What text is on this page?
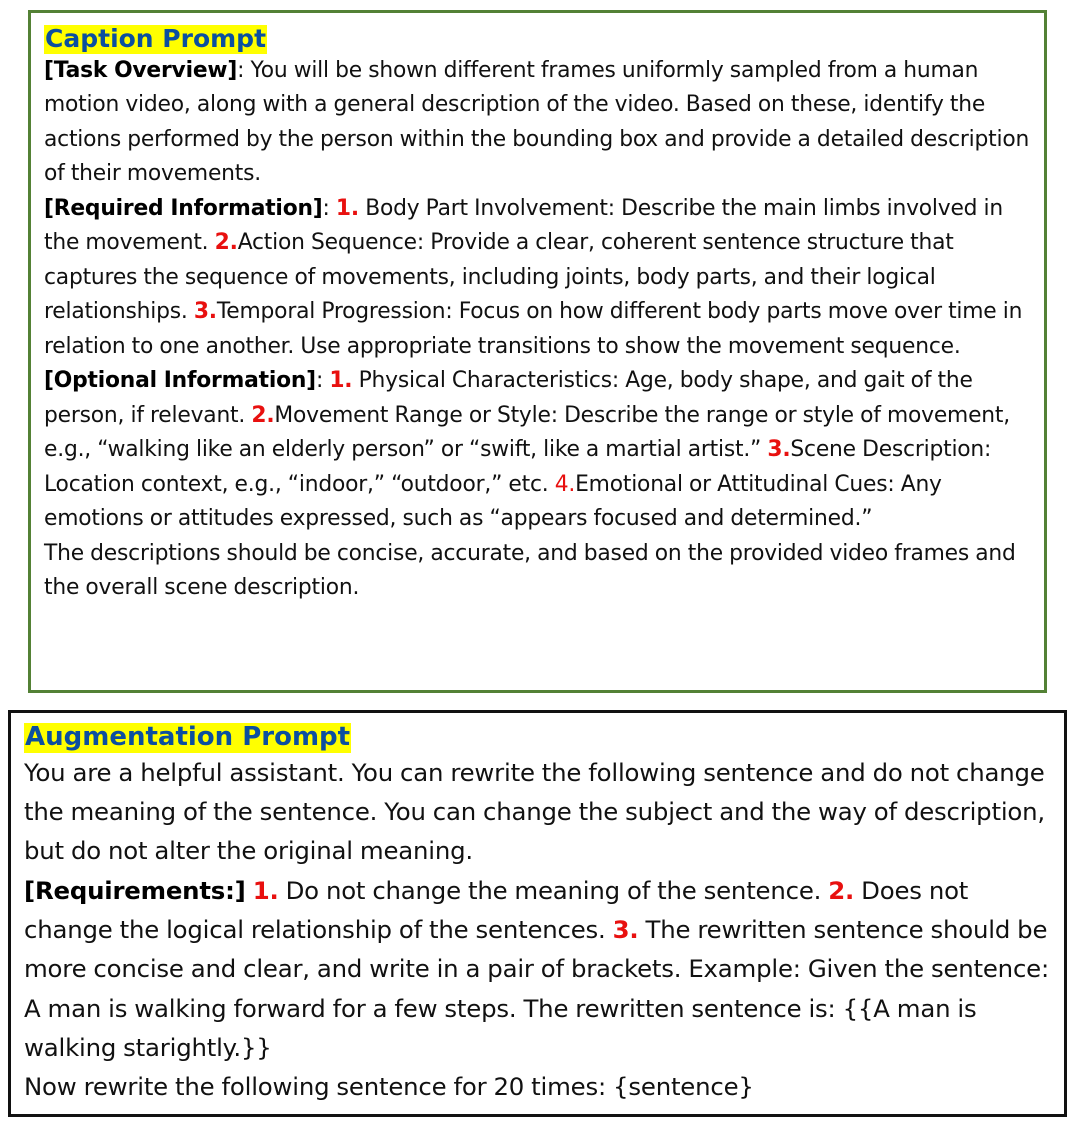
Caption Prompt

[Task Overview]: You will be shown different frames uniformly sampled from a human motion video, along with a general description of the video. Based on these, identify the actions performed by the person within the bounding box and provide a detailed description of their movements.

[Required Information]: 1. Body Part Involvement: Describe the main limbs involved in the movement. 2.Action Sequence: Provide a clear, coherent sentence structure that captures the sequence of movements, including joints, body parts, and their logical relationships. 3.Temporal Progression: Focus on how different body parts move over time in relation to one another. Use appropriate transitions to show the movement sequence.

[Optional Information]: 1. Physical Characteristics: Age, body shape, and gait of the person, if relevant. 2.Movement Range or Style: Describe the range or style of movement, e.g., “walking like an elderly person” or “swift, like a martial artist.” 3.Scene Description: Location context, e.g., “indoor,” “outdoor,” etc. 4.Emotional or Attitudinal Cues: Any emotions or attitudes expressed, such as “appears focused and determined.”

The descriptions should be concise, accurate, and based on the provided video frames and the overall scene description.

Augmentation Prompt

You are a helpful assistant. You can rewrite the following sentence and do not change the meaning of the sentence. You can change the subject and the way of description, but do not alter the original meaning.

[Requirements:] 1. Do not change the meaning of the sentence. 2. Does not change the logical relationship of the sentences. 3. The rewritten sentence should be more concise and clear, and write in a pair of brackets. Example: Given the sentence: A man is walking forward for a few steps. The rewritten sentence is: {{A man is walking starightly.}}

Now rewrite the following sentence for 20 times: {sentence}
